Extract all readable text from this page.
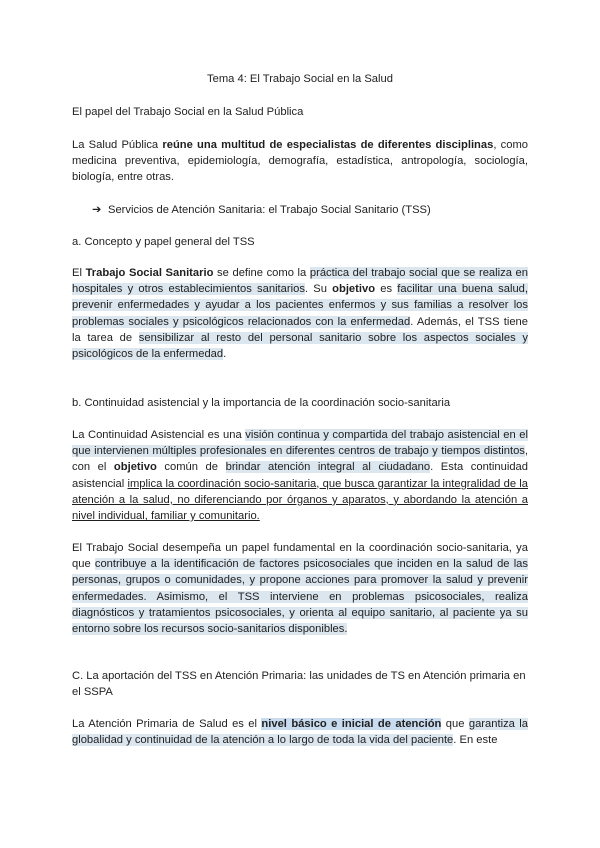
Tema 4: El Trabajo Social en la Salud

El papel del Trabajo Social en la Salud Pública

La Salud Pública reúne una multitud de especialistas de diferentes disciplinas, como medicina preventiva, epidemiología, demografía, estadística, antropología, sociología, biología, entre otras.

➔ Servicios de Atención Sanitaria: el Trabajo Social Sanitario (TSS)

a. Concepto y papel general del TSS

El Trabajo Social Sanitario se define como la práctica del trabajo social que se realiza en hospitales y otros establecimientos sanitarios. Su objetivo es facilitar una buena salud, prevenir enfermedades y ayudar a los pacientes enfermos y sus familias a resolver los problemas sociales y psicológicos relacionados con la enfermedad. Además, el TSS tiene la tarea de sensibilizar al resto del personal sanitario sobre los aspectos sociales y psicológicos de la enfermedad.

b. Continuidad asistencial y la importancia de la coordinación socio-sanitaria

La Continuidad Asistencial es una visión continua y compartida del trabajo asistencial en el que intervienen múltiples profesionales en diferentes centros de trabajo y tiempos distintos, con el objetivo común de brindar atención integral al ciudadano. Esta continuidad asistencial implica la coordinación socio-sanitaria, que busca garantizar la integralidad de la atención a la salud, no diferenciando por órganos y aparatos, y abordando la atención a nivel individual, familiar y comunitario.

El Trabajo Social desempeña un papel fundamental en la coordinación socio-sanitaria, ya que contribuye a la identificación de factores psicosociales que inciden en la salud de las personas, grupos o comunidades, y propone acciones para promover la salud y prevenir enfermedades. Asimismo, el TSS interviene en problemas psicosociales, realiza diagnósticos y tratamientos psicosociales, y orienta al equipo sanitario, al paciente ya su entorno sobre los recursos socio-sanitarios disponibles.

C. La aportación del TSS en Atención Primaria: las unidades de TS en Atención primaria en el SSPA

La Atención Primaria de Salud es el nivel básico e inicial de atención que garantiza la globalidad y continuidad de la atención a lo largo de toda la vida del paciente. En este
